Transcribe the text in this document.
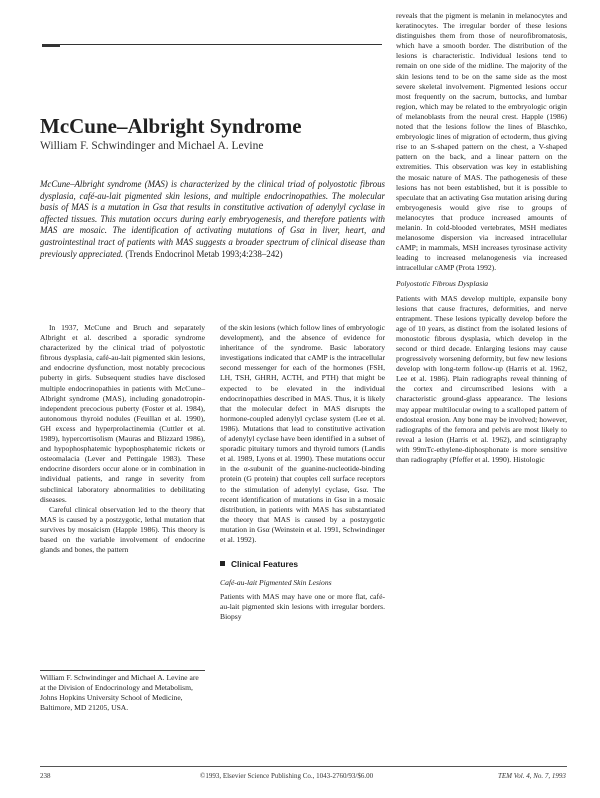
McCune–Albright Syndrome
William F. Schwindinger and Michael A. Levine
McCune–Albright syndrome (MAS) is characterized by the clinical triad of polyostotic fibrous dysplasia, café-au-lait pigmented skin lesions, and multiple endocrinopathies. The molecular basis of MAS is a mutation in Gsα that results in constitutive activation of adenylyl cyclase in affected tissues. This mutation occurs during early embryogenesis, and therefore patients with MAS are mosaic. The identification of activating mutations of Gsα in liver, heart, and gastrointestinal tract of patients with MAS suggests a broader spectrum of clinical disease than previously appreciated. (Trends Endocrinol Metab 1993;4:238–242)

In 1937, McCune and Bruch and separately Albright et al. described a sporadic syndrome characterized by the clinical triad of polyostotic fibrous dysplasia, café-au-lait pigmented skin lesions, and endocrine dysfunction, most notably precocious puberty in girls. Subsequent studies have disclosed multiple endocrinopathies in patients with McCune–Albright syndrome (MAS), including gonadotropin-independent precocious puberty (Foster et al. 1984), autonomous thyroid nodules (Feuillan et al. 1990), GH excess and hyperprolactinemia (Cuttler et al. 1989), hypercortisolism (Mauras and Blizzard 1986), and hypophosphatemic hypophosphatemic rickets or osteomalacia (Lever and Pettingale 1983). These endocrine disorders occur alone or in combination in individual patients, and range in severity from subclinical laboratory abnormalities to debilitating diseases.

Careful clinical observation led to the theory that MAS is caused by a postzygotic, lethal mutation that survives by mosaicism (Happle 1986). This theory is based on the variable involvement of endocrine glands and bones, the pattern

William F. Schwindinger and Michael A. Levine are at the Division of Endocrinology and Metabolism, Johns Hopkins University School of Medicine, Baltimore, MD 21205, USA.

of the skin lesions (which follow lines of embryologic development), and the absence of evidence for inheritance of the syndrome. Basic laboratory investigations indicated that cAMP is the intracellular second messenger for each of the hormones (FSH, LH, TSH, GHRH, ACTH, and PTH) that might be expected to be elevated in the individual endocrinopathies described in MAS. Thus, it is likely that the molecular defect in MAS disrupts the hormone-coupled adenylyl cyclase system (Lee et al. 1986). Mutations that lead to constitutive activation of adenylyl cyclase have been identified in a subset of sporadic pituitary tumors and thyroid tumors (Landis et al. 1989, Lyons et al. 1990). These mutations occur in the α-subunit of the guanine-nucleotide-binding protein (G protein) that couples cell surface receptors to the stimulation of adenylyl cyclase, Gsα. The recent identification of mutations in Gsα in a mosaic distribution, in patients with MAS has substantiated the theory that MAS is caused by a postzygotic mutation in Gsα (Weinstein et al. 1991, Schwindinger et al. 1992).

Clinical Features
Café-au-lait Pigmented Skin Lesions

Patients with MAS may have one or more flat, café-au-lait pigmented skin lesions with irregular borders. Biopsy

reveals that the pigment is melanin in melanocytes and keratinocytes. The irregular border of these lesions distinguishes them from those of neurofibromatosis, which have a smooth border. The distribution of the lesions is characteristic. Individual lesions tend to remain on one side of the midline. The majority of the skin lesions tend to be on the same side as the most severe skeletal involvement. Pigmented lesions occur most frequently on the sacrum, buttocks, and lumbar region, which may be related to the embryologic origin of melanoblasts from the neural crest. Happle (1986) noted that the lesions follow the lines of Blaschko, embryologic lines of migration of ectoderm, thus giving rise to an S-shaped pattern on the chest, a V-shaped pattern on the back, and a linear pattern on the extremities. This observation was key in establishing the mosaic nature of MAS. The pathogenesis of these lesions has not been established, but it is possible to speculate that an activating Gsα mutation arising during embryogenesis would give rise to groups of melanocytes that produce increased amounts of melanin. In cold-blooded vertebrates, MSH mediates melanosome dispersion via increased intracellular cAMP; in mammals, MSH increases tyrosinase activity leading to increased melanogenesis via increased intracellular cAMP (Prota 1992).

Polyostotic Fibrous Dysplasia

Patients with MAS develop multiple, expansile bony lesions that cause fractures, deformities, and nerve entrapment. These lesions typically develop before the age of 10 years, as distinct from the isolated lesions of monostotic fibrous dysplasia, which develop in the second or third decade. Enlarging lesions may cause progressively worsening deformity, but few new lesions develop with long-term follow-up (Harris et al. 1962, Lee et al. 1986). Plain radiographs reveal thinning of the cortex and circumscribed lesions with a characteristic ground-glass appearance. The lesions may appear multilocular owing to a scalloped pattern of endosteal erosion. Any bone may be involved; however, radiographs of the femora and pelvis are most likely to reveal a lesion (Harris et al. 1962), and scintigraphy with 99mTc-ethylene-diphosphonate is more sensitive than radiography (Pfeffer et al. 1990). Histologic

238	©1993, Elsevier Science Publishing Co., 1043-2760/93/$6.00	TEM Vol. 4, No. 7, 1993
